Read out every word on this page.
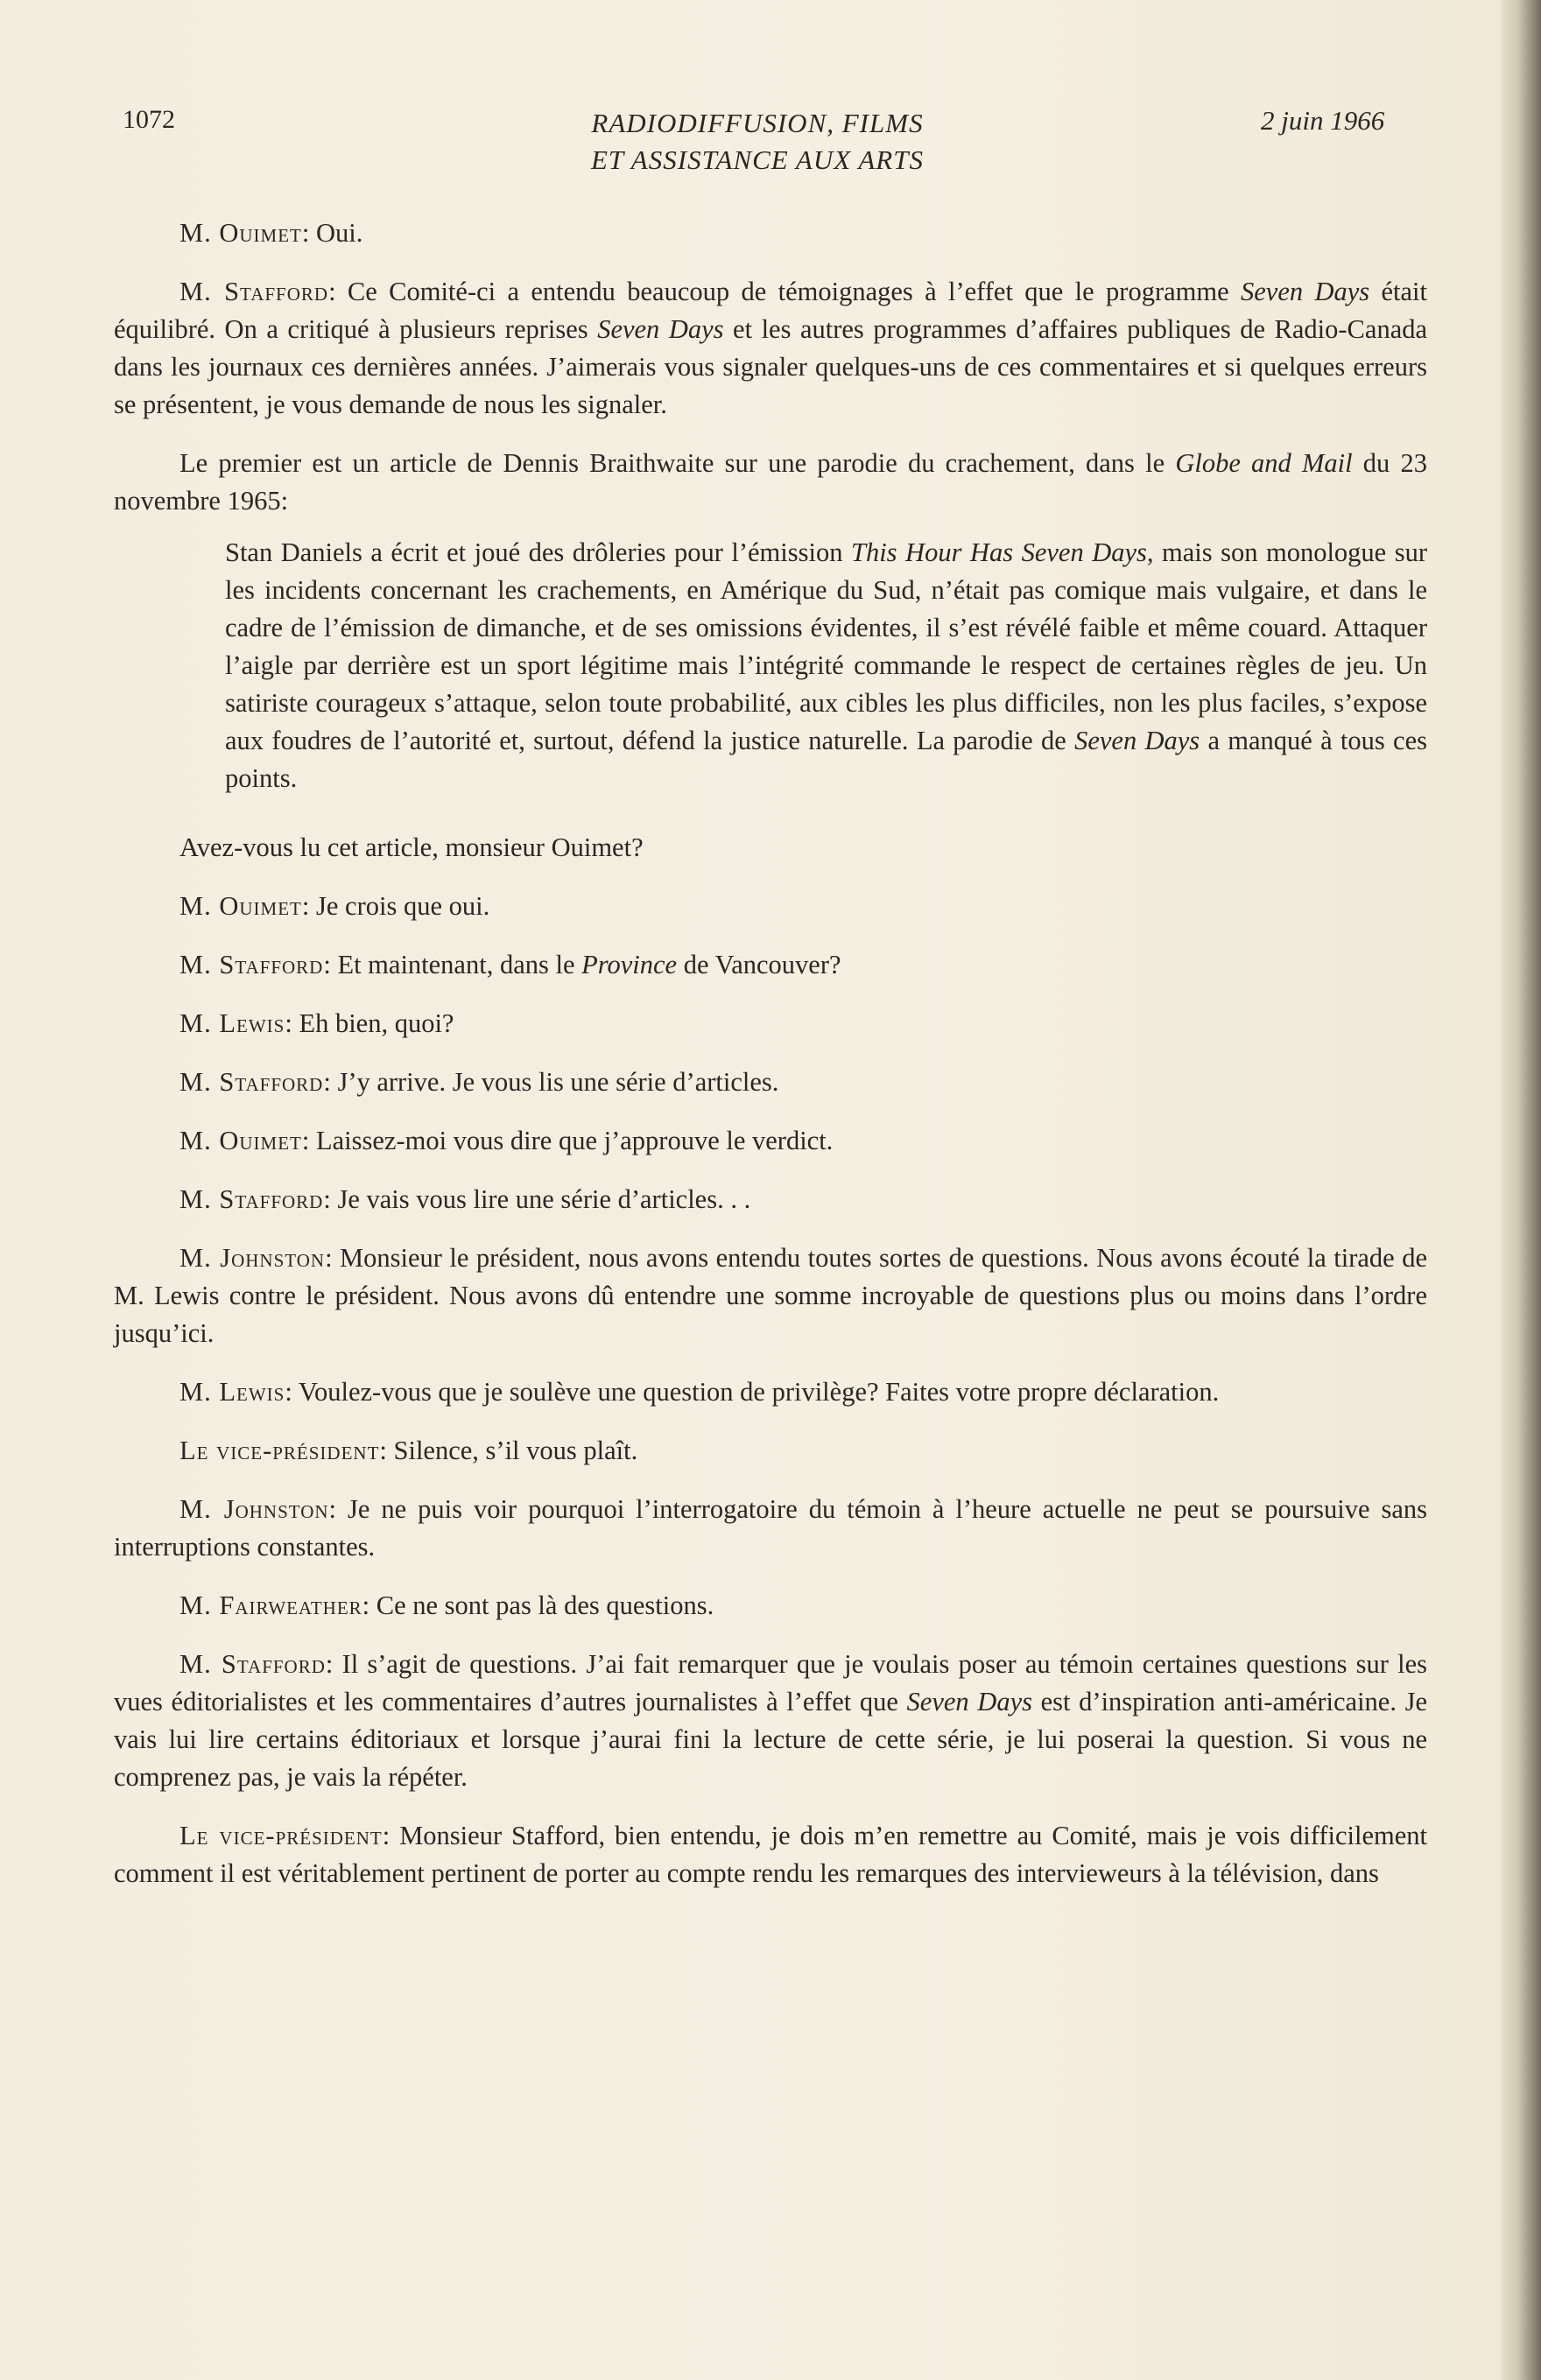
1072	RADIODIFFUSION, FILMS
ET ASSISTANCE AUX ARTS
2 juin 1966

M. Ouimet: Oui.

M. Stafford: Ce Comité-ci a entendu beaucoup de témoignages à l’effet que le programme Seven Days était équilibré. On a critiqué à plusieurs reprises Seven Days et les autres programmes d’affaires publiques de Radio-Canada dans les journaux ces dernières années. J’aimerais vous signaler quelques-uns de ces commentaires et si quelques erreurs se présentent, je vous demande de nous les signaler.

Le premier est un article de Dennis Braithwaite sur une parodie du crachement, dans le Globe and Mail du 23 novembre 1965:

Stan Daniels a écrit et joué des drôleries pour l’émission This Hour Has Seven Days, mais son monologue sur les incidents concernant les crachements, en Amérique du Sud, n’était pas comique mais vulgaire, et dans le cadre de l’émission de dimanche, et de ses omissions évidentes, il s’est révélé faible et même couard. Attaquer l’aigle par derrière est un sport légitime mais l’intégrité commande le respect de certaines règles de jeu. Un satiriste courageux s’attaque, selon toute probabilité, aux cibles les plus difficiles, non les plus faciles, s’expose aux foudres de l’autorité et, surtout, défend la justice naturelle. La parodie de Seven Days a manqué à tous ces points.

Avez-vous lu cet article, monsieur Ouimet?

M. Ouimet: Je crois que oui.

M. Stafford: Et maintenant, dans le Province de Vancouver?

M. Lewis: Eh bien, quoi?

M. Stafford: J’y arrive. Je vous lis une série d’articles.

M. Ouimet: Laissez-moi vous dire que j’approuve le verdict.

M. Stafford: Je vais vous lire une série d’articles. . .

M. Johnston: Monsieur le président, nous avons entendu toutes sortes de questions. Nous avons écouté la tirade de M. Lewis contre le président. Nous avons dû entendre une somme incroyable de questions plus ou moins dans l’ordre jusqu’ici.

M. Lewis: Voulez-vous que je soulève une question de privilège? Faites votre propre déclaration.

Le vice-président: Silence, s’il vous plaît.

M. Johnston: Je ne puis voir pourquoi l’interrogatoire du témoin à l’heure actuelle ne peut se poursuive sans interruptions constantes.

M. Fairweather: Ce ne sont pas là des questions.

M. Stafford: Il s’agit de questions. J’ai fait remarquer que je voulais poser au témoin certaines questions sur les vues éditorialistes et les commentaires d’autres journalistes à l’effet que Seven Days est d’inspiration anti-américaine. Je vais lui lire certains éditoriaux et lorsque j’aurai fini la lecture de cette série, je lui poserai la question. Si vous ne comprenez pas, je vais la répéter.

Le vice-président: Monsieur Stafford, bien entendu, je dois m’en remettre au Comité, mais je vois difficilement comment il est véritablement pertinent de porter au compte rendu les remarques des intervieweurs à la télévision, dans
